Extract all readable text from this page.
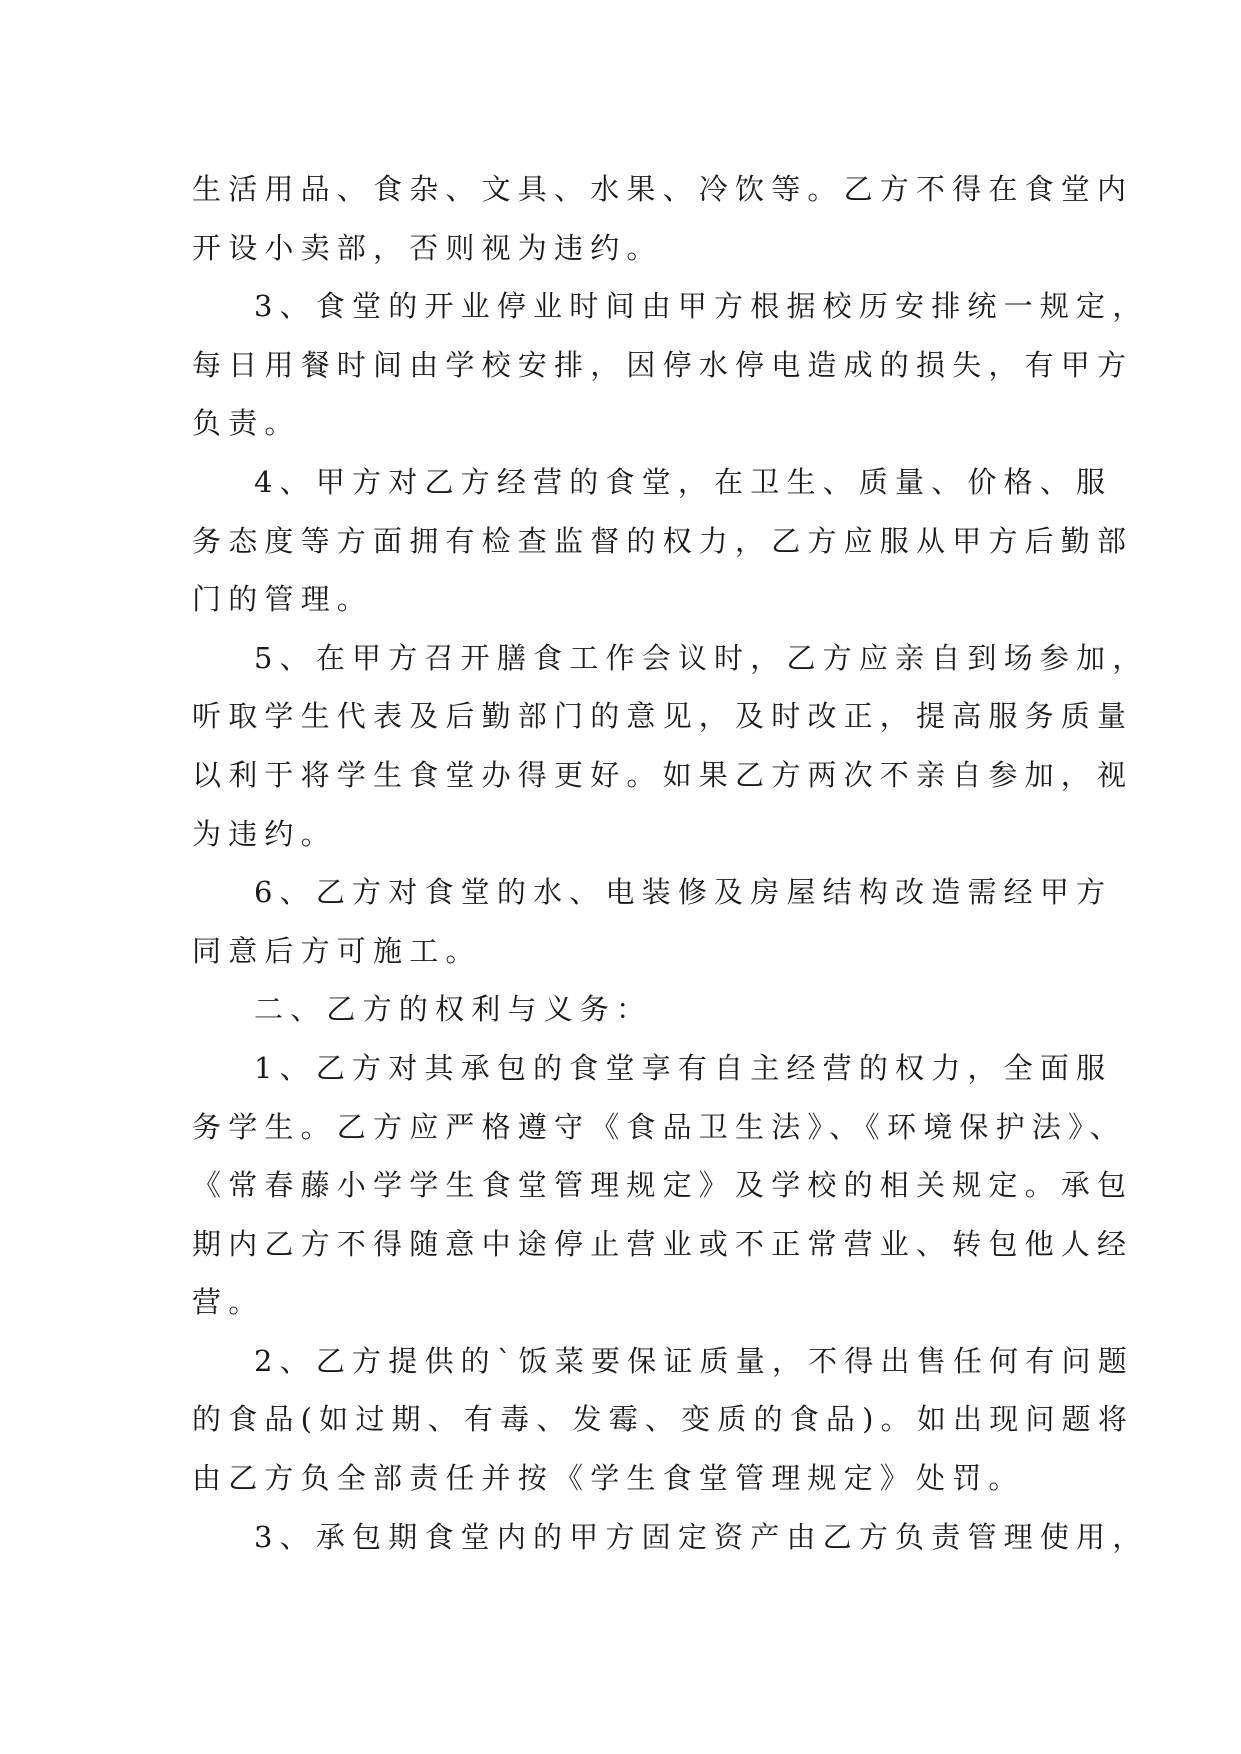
生活用品、食杂、文具、水果、冷饮等。乙方不得在食堂内
开设小卖部，否则视为违约。
3、食堂的开业停业时间由甲方根据校历安排统一规定，
每日用餐时间由学校安排，因停水停电造成的损失，有甲方
负责。
4、甲方对乙方经营的食堂，在卫生、质量、价格、服
务态度等方面拥有检查监督的权力，乙方应服从甲方后勤部
门的管理。
5、在甲方召开膳食工作会议时，乙方应亲自到场参加，
听取学生代表及后勤部门的意见，及时改正，提高服务质量
以利于将学生食堂办得更好。如果乙方两次不亲自参加，视
为违约。
6、乙方对食堂的水、电装修及房屋结构改造需经甲方
同意后方可施工。
二、乙方的权利与义务：
1、乙方对其承包的食堂享有自主经营的权力，全面服
务学生。乙方应严格遵守《食品卫生法》、《环境保护法》、
《常春藤小学学生食堂管理规定》及学校的相关规定。承包
期内乙方不得随意中途停止营业或不正常营业、转包他人经
营。
2、乙方提供的`饭菜要保证质量，不得出售任何有问题
的食品(如过期、有毒、发霉、变质的食品)。如出现问题将
由乙方负全部责任并按《学生食堂管理规定》处罚。
3、承包期食堂内的甲方固定资产由乙方负责管理使用，
